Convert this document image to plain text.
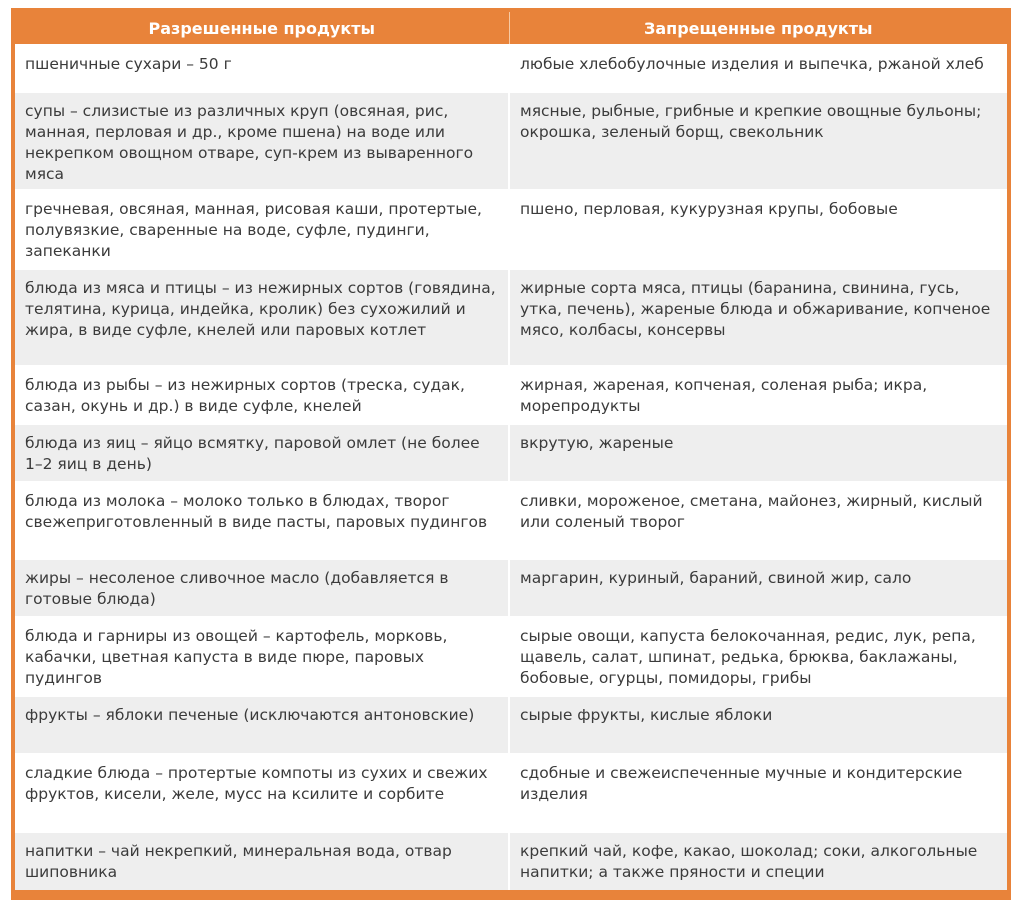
Разрешенные продукты	Запрещенные продукты
пшеничные сухари – 50 г	любые хлебобулочные изделия и выпечка, ржаной хлеб
супы – слизистые из различных круп (овсяная, рис, манная, перловая и др., кроме пшена) на воде или некрепком овощном отваре, суп-крем из вываренного мяса	мясные, рыбные, грибные и крепкие овощные бульоны; окрошка, зеленый борщ, свекольник
гречневая, овсяная, манная, рисовая каши, протертые, полувязкие, сваренные на воде, суфле, пудинги, запеканки	пшено, перловая, кукурузная крупы, бобовые
блюда из мяса и птицы – из нежирных сортов (говядина, телятина, курица, индейка, кролик) без сухожилий и жира, в виде суфле, кнелей или паровых котлет	жирные сорта мяса, птицы (баранина, свинина, гусь, утка, печень), жареные блюда и обжаривание, копченое мясо, колбасы, консервы
блюда из рыбы – из нежирных сортов (треска, судак, сазан, окунь и др.) в виде суфле, кнелей	жирная, жареная, копченая, соленая рыба; икра, морепродукты
блюда из яиц – яйцо всмятку, паровой омлет (не более 1–2 яиц в день)	вкрутую, жареные
блюда из молока – молоко только в блюдах, творог свежеприготовленный в виде пасты, паровых пудингов	сливки, мороженое, сметана, майонез, жирный, кислый или соленый творог
жиры – несоленое сливочное масло (добавляется в готовые блюда)	маргарин, куриный, бараний, свиной жир, сало
блюда и гарниры из овощей – картофель, морковь, кабачки, цветная капуста в виде пюре, паровых пудингов	сырые овощи, капуста белокочанная, редис, лук, репа, щавель, салат, шпинат, редька, брюква, баклажаны, бобовые, огурцы, помидоры, грибы
фрукты – яблоки печеные (исключаются антоновские)	сырые фрукты, кислые яблоки
сладкие блюда – протертые компоты из сухих и свежих фруктов, кисели, желе, мусс на ксилите и сорбите	сдобные и свежеиспеченные мучные и кондитерские изделия
напитки – чай некрепкий, минеральная вода, отвар шиповника	крепкий чай, кофе, какао, шоколад; соки, алкогольные напитки; а также пряности и специи
